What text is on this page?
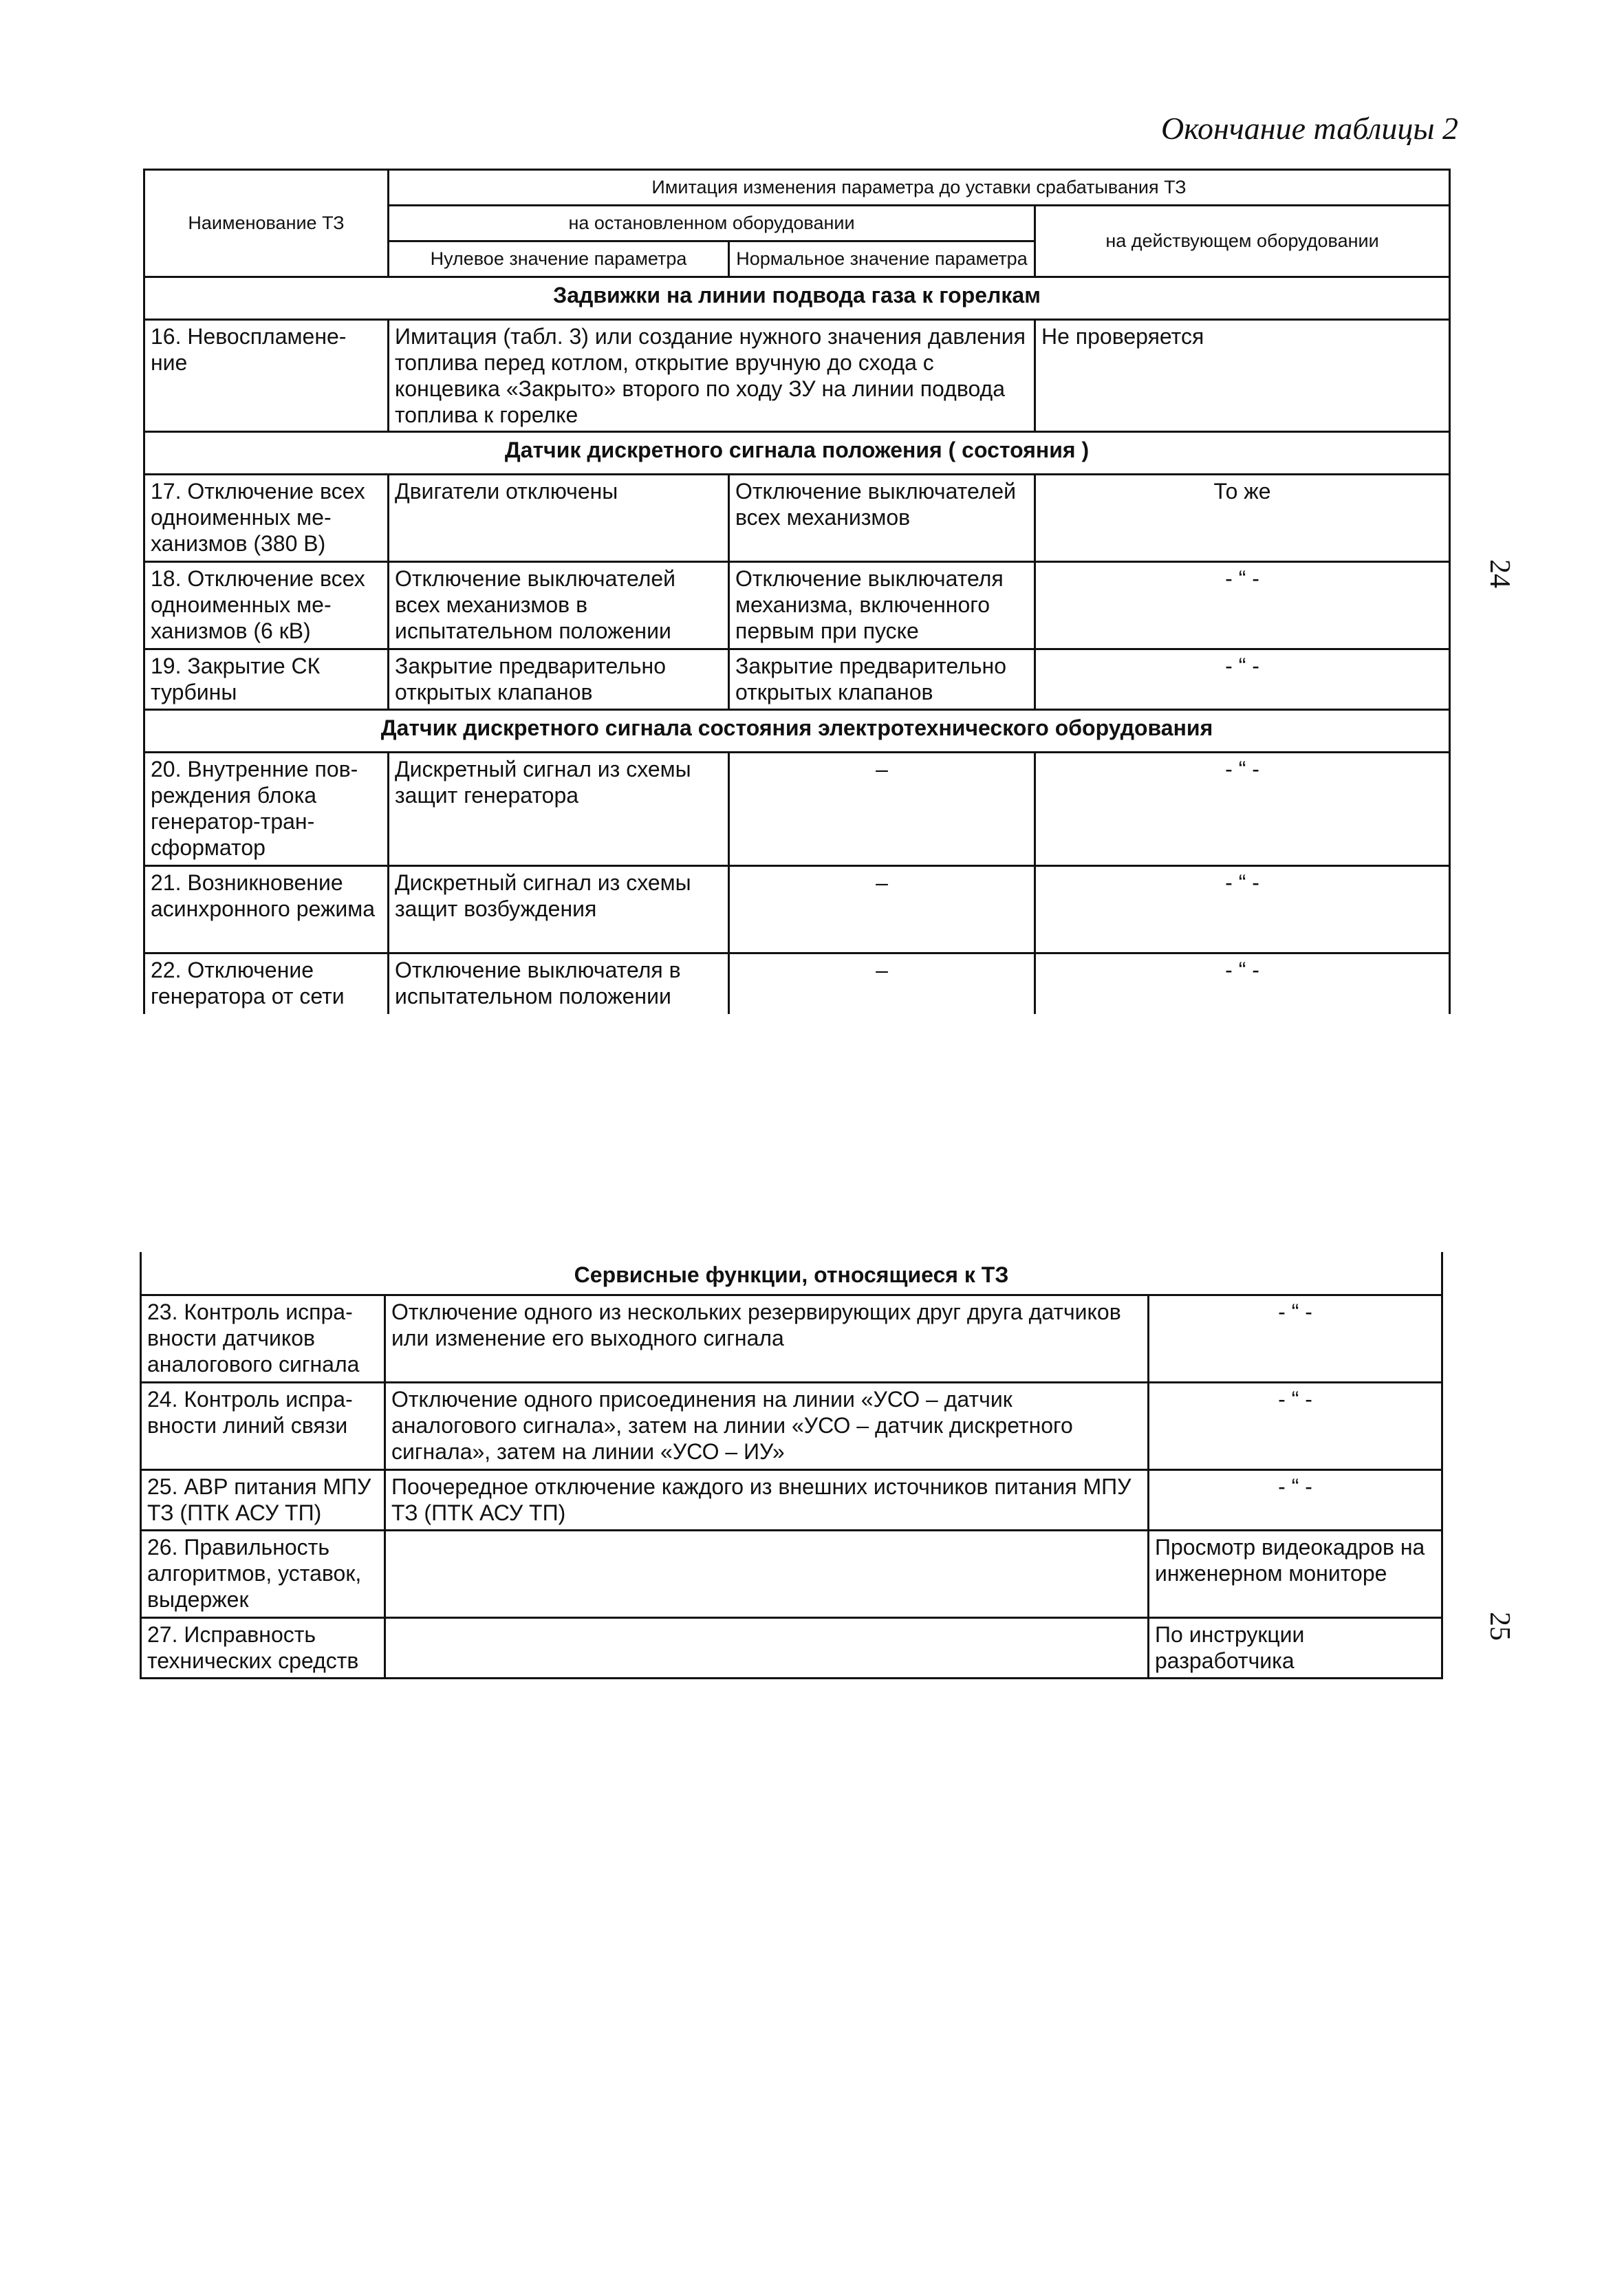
Окончание таблицы 2
24
25
Наименование ТЗ	Имитация изменения параметра до уставки срабатывания ТЗ		
	на остановленном оборудовании		на действующем оборудовании
	Нулевое значение параметра	Нормальное значение параметра	
Задвижки на линии подвода газа к горелкам			
16. Невоспламене-ние	Имитация (табл. 3) или создание нужного значения давления топлива перед котлом, открытие вручную до схода с концевика «Закрыто» второго по ходу ЗУ на линии подвода топлива к горелке		Не проверяется
Датчик дискретного сигнала положения ( состояния )			
17. Отключение всех одноименных ме-ханизмов (380 В)	Двигатели отключены	Отключение выключателей всех механизмов	То же
18. Отключение всех одноименных ме-ханизмов (6 кВ)	Отключение выключателей всех механизмов в испытательном положении	Отключение выключателя механизма, включенного первым при пуске	- “ -
19. Закрытие СК турбины	Закрытие предварительно открытых клапанов	Закрытие предварительно открытых клапанов	- “ -
Датчик дискретного сигнала состояния электротехнического оборудования			
20. Внутренние пов-реждения блока генератор-тран-сформатор	Дискретный сигнал из схемы защит генератора	–	- “ -
21. Возникновение асинхронного режима	Дискретный сигнал из схемы защит возбуждения	–	- “ -
22. Отключение генератора от сети	Отключение выключателя в испытательном положении	–	- “ -
Сервисные функции, относящиеся к ТЗ		
23. Контроль испра-вности датчиков аналогового сигнала	Отключение одного из нескольких резервирующих друг друга датчиков или изменение его выходного сигнала	- “ -
24. Контроль испра-вности линий связи	Отключение одного присоединения на линии «УСО – датчик аналогового сигнала», затем на линии «УСО – датчик дискретного сигнала», затем на линии «УСО – ИУ»	- “ -
25. АВР питания МПУ ТЗ (ПТК АСУ ТП)	Поочередное отключение каждого из внешних источников питания МПУ ТЗ (ПТК АСУ ТП)	- “ -
26. Правильность алгоритмов, уставок, выдержек		Просмотр видеокадров на инженерном мониторе
27. Исправность технических средств		По инструкции разработчика
